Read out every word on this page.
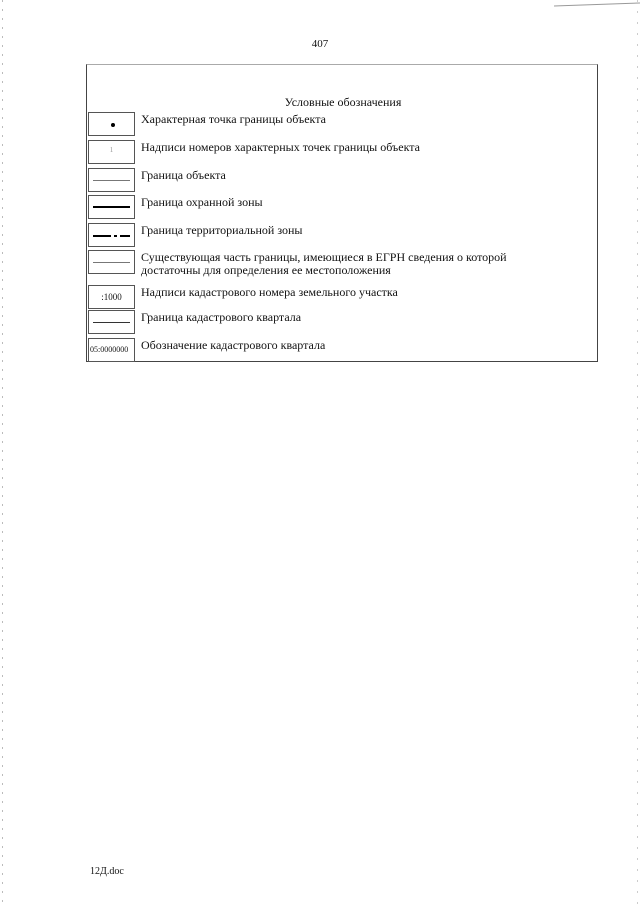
407
Условные обозначения
Характерная точка границы объекта
1	Надписи номеров характерных точек границы объекта
Граница объекта
Граница охранной зоны
Граница территориальной зоны
Существующая часть границы, имеющиеся в ЕГРН сведения о которой
достаточны для определения ее местоположения
:1000	Надписи кадастрового номера земельного участка
Граница кадастрового квартала
05:0000000	Обозначение кадастрового квартала
12Д.doc
